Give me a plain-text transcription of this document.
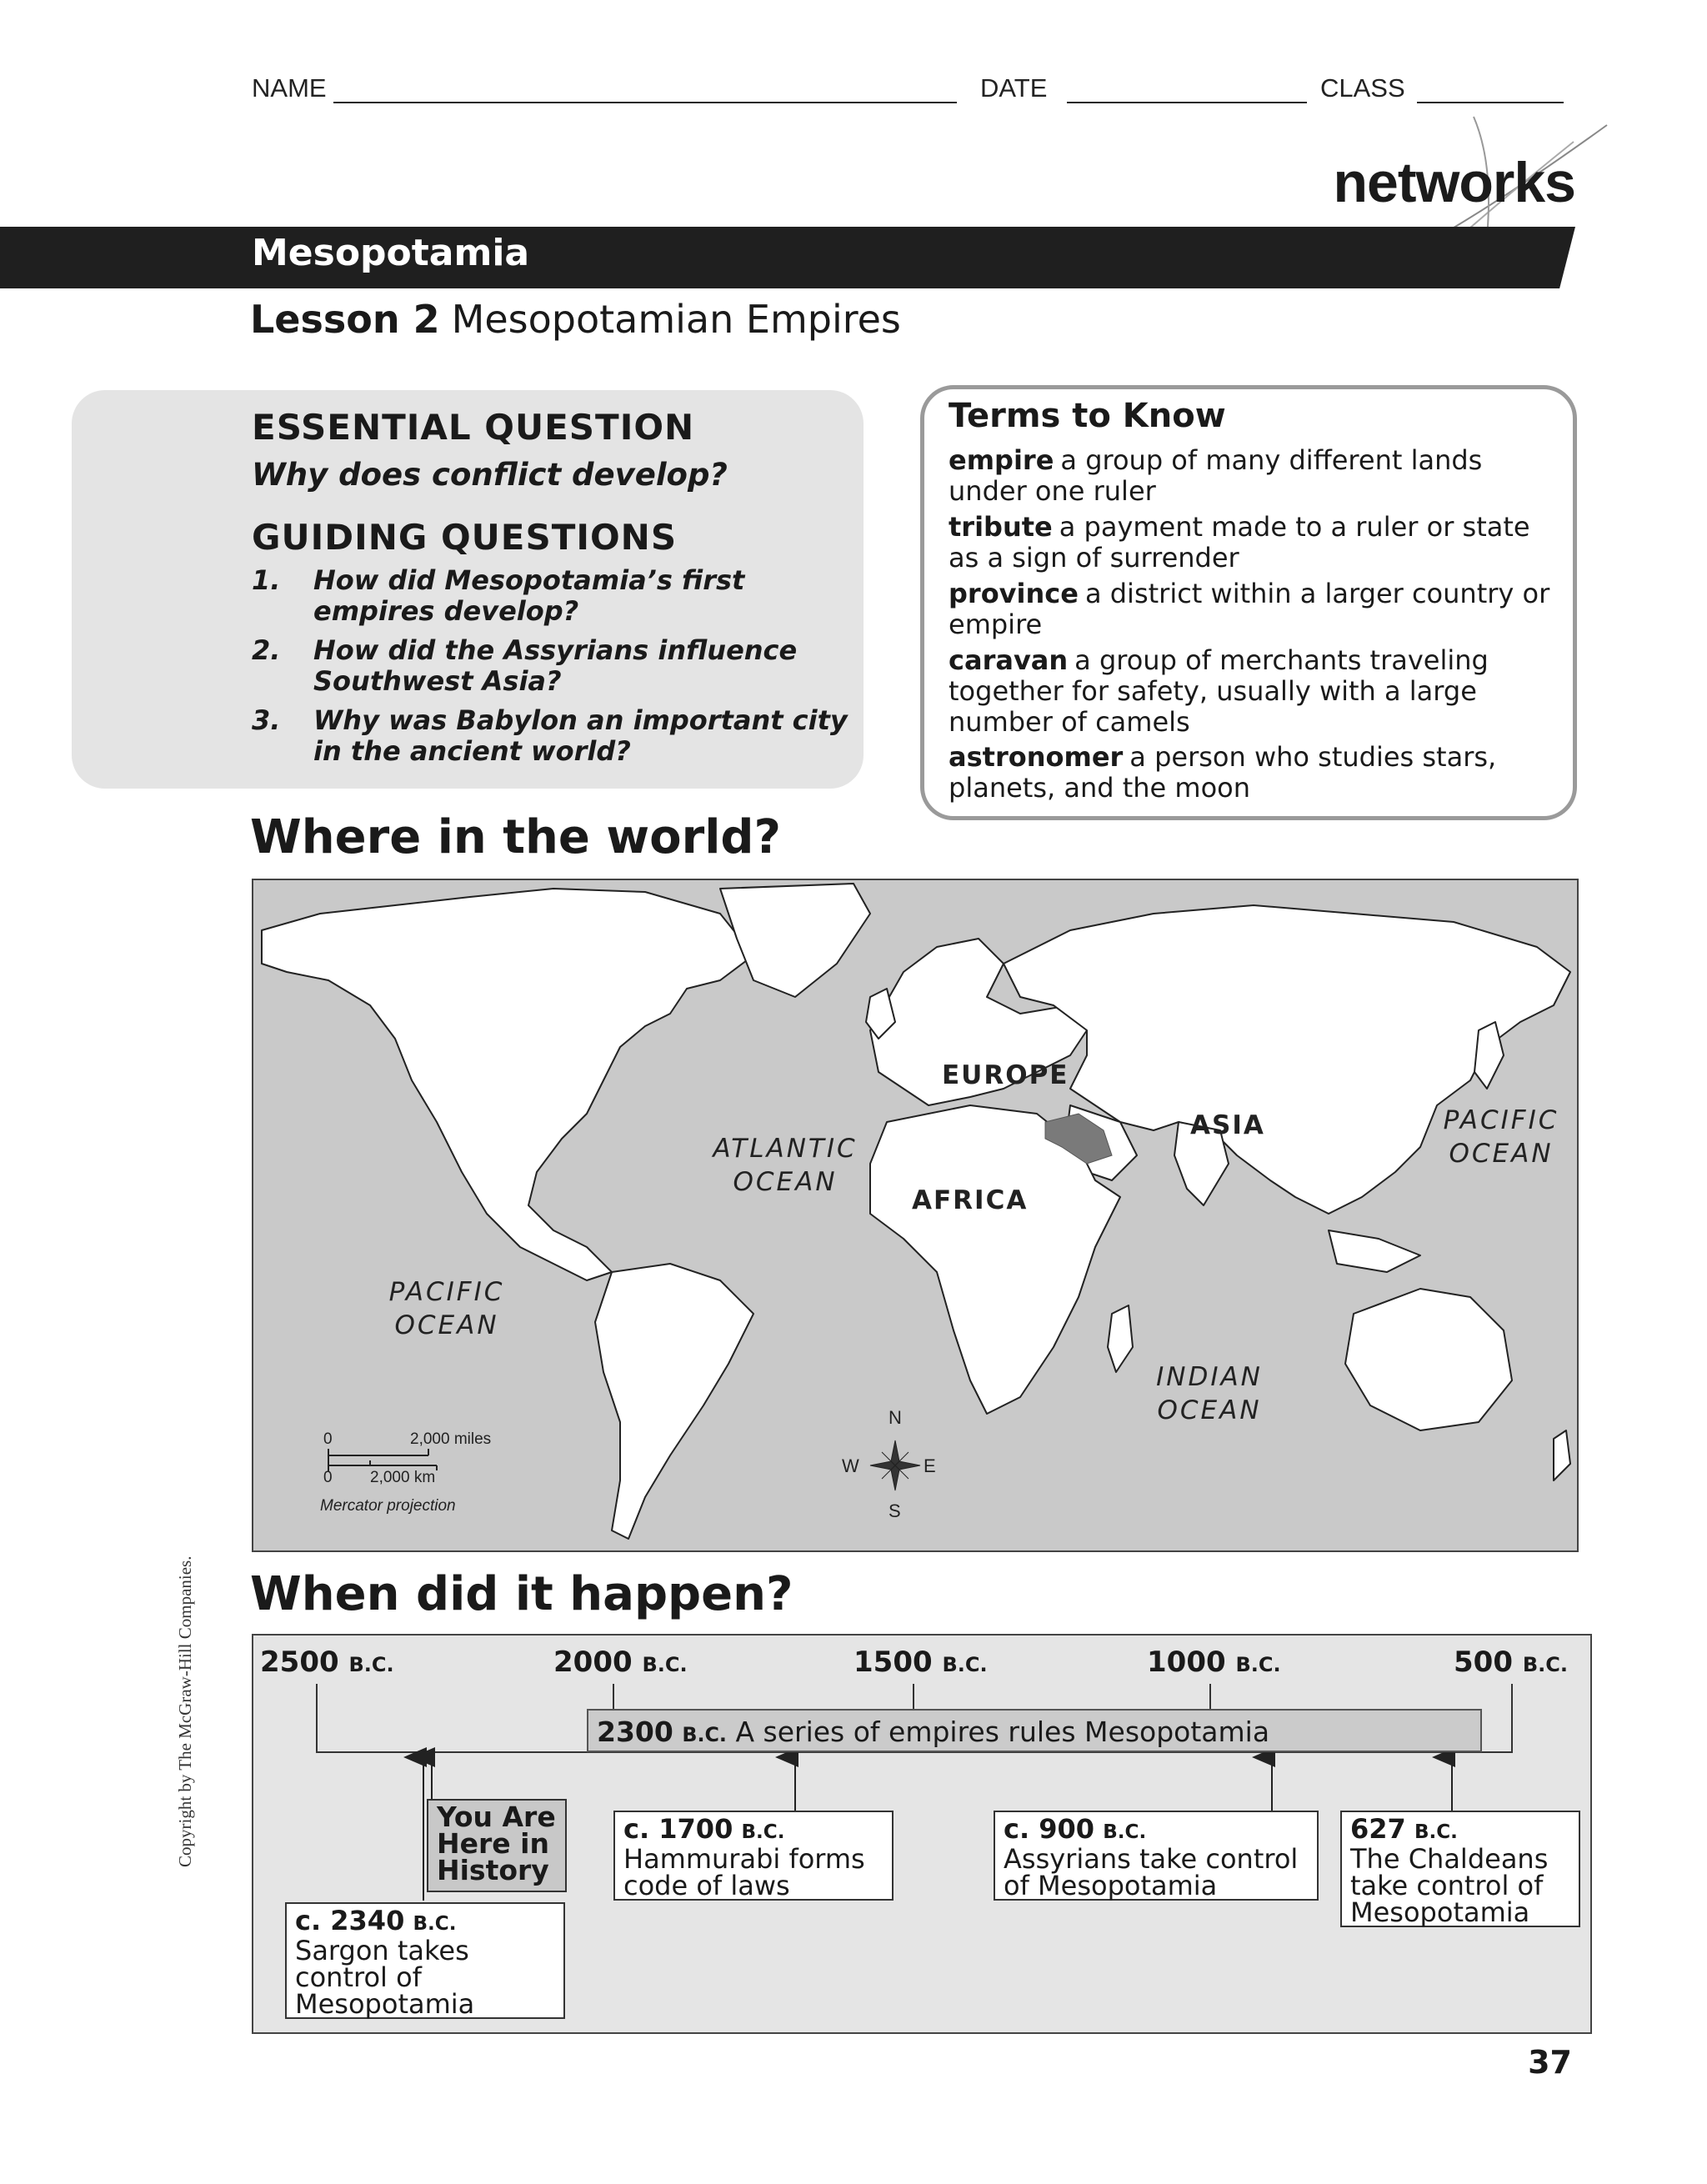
NAME	DATE	CLASS
networks
Mesopotamia
Lesson 2 Mesopotamian Empires
ESSENTIAL QUESTION
Why does conflict develop?
GUIDING QUESTIONS
1. How did Mesopotamia’s first empires develop?
2. How did the Assyrians influence Southwest Asia?
3. Why was Babylon an important city in the ancient world?
Terms to Know
empire a group of many different lands under one ruler
tribute a payment made to a ruler or state as a sign of surrender
province a district within a larger country or empire
caravan a group of merchants traveling together for safety, usually with a large number of camels
astronomer a person who studies stars, planets, and the moon
Where in the world?
EUROPE
ASIA
AFRICA
ATLANTIC
OCEAN
PACIFIC
OCEAN
PACIFIC
OCEAN
INDIAN
OCEAN
0	2,000 miles
0 2,000 km
Mercator projection
N
S
E
W
When did it happen?
2500 B.C.	2000 B.C.	1500 B.C.	1000 B.C.	500 B.C.
2300 B.C. A series of empires rules Mesopotamia
You Are
Here in
History
c. 2340 B.C.
Sargon takes
control of
Mesopotamia
c. 1700 B.C.
Hammurabi forms
code of laws
c. 900 B.C.
Assyrians take control
of Mesopotamia
627 B.C.
The Chaldeans
take control of
Mesopotamia
Copyright by The McGraw-Hill Companies.
37
